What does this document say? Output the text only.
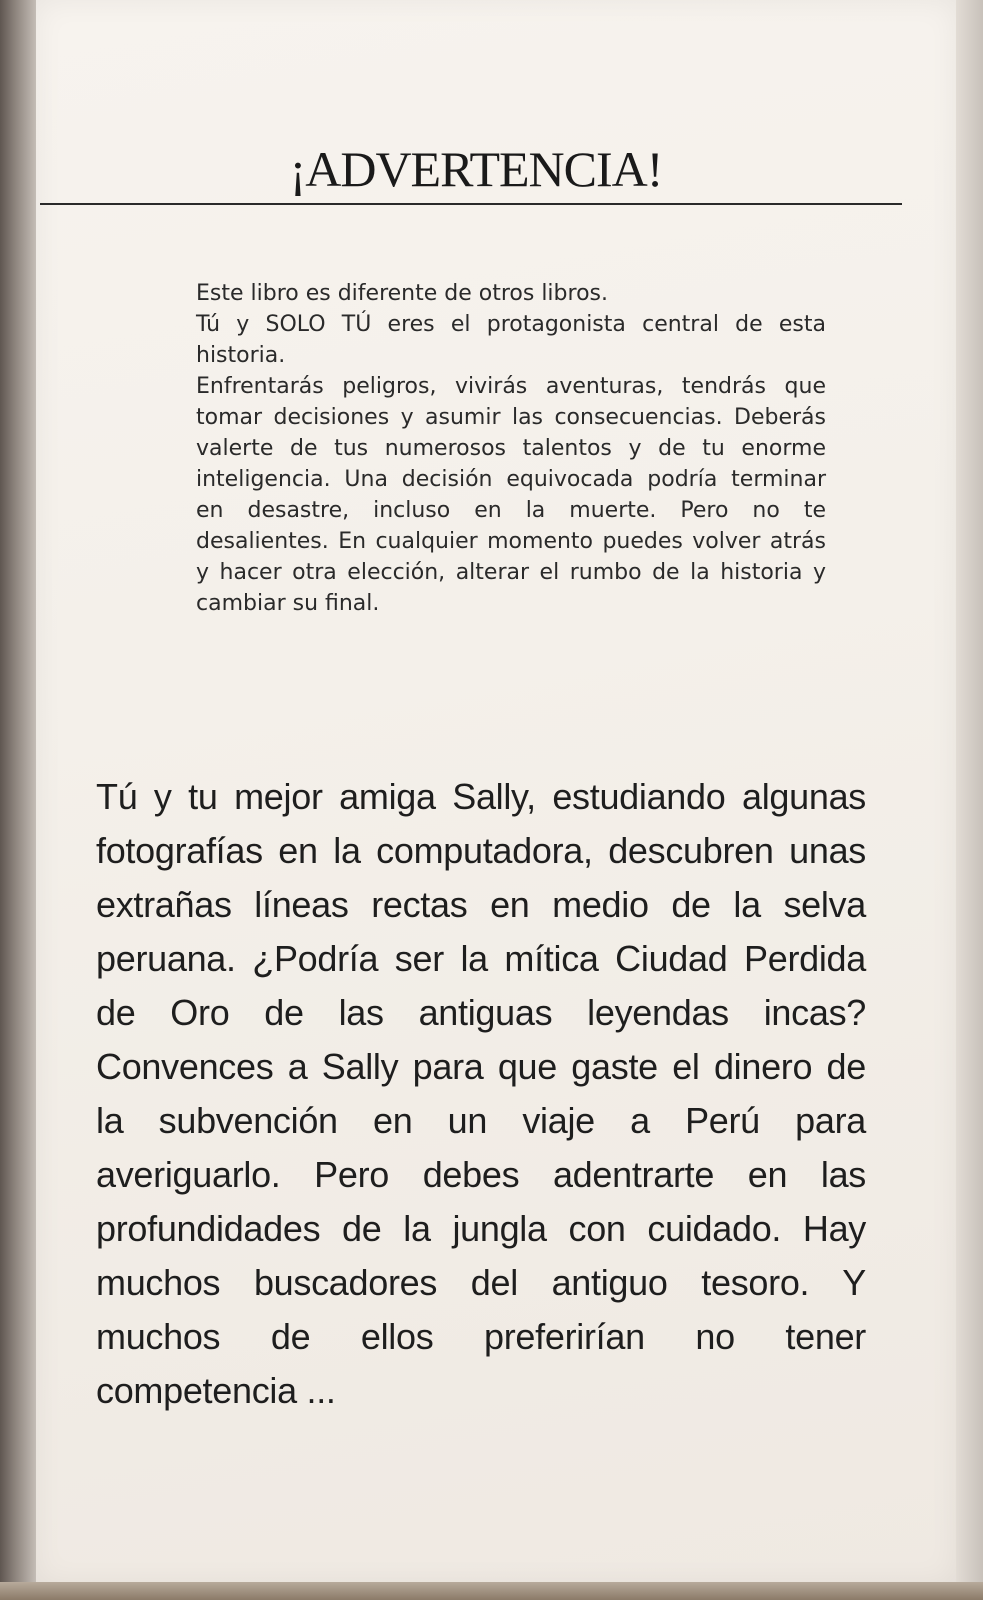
¡ADVERTENCIA!

Este libro es diferente de otros libros.

Tú y SOLO TÚ eres el protagonista central de esta historia.

Enfrentarás peligros, vivirás aventuras, tendrás que tomar decisiones y asumir las consecuencias. Deberás valerte de tus numerosos talentos y de tu enorme inteligencia. Una decisión equivocada podría terminar en desastre, incluso en la muerte. Pero no te desalientes. En cualquier momento puedes volver atrás y hacer otra elección, alterar el rumbo de la historia y cambiar su final.

Tú y tu mejor amiga Sally, estudiando algunas fotografías en la computadora, descubren unas extrañas líneas rectas en medio de la selva peruana. ¿Podría ser la mítica Ciudad Perdida de Oro de las antiguas leyendas incas? Convences a Sally para que gaste el dinero de la subvención en un viaje a Perú para averiguarlo. Pero debes adentrarte en las profundidades de la jungla con cuidado. Hay muchos buscadores del antiguo tesoro. Y muchos de ellos preferirían no tener competencia ...
